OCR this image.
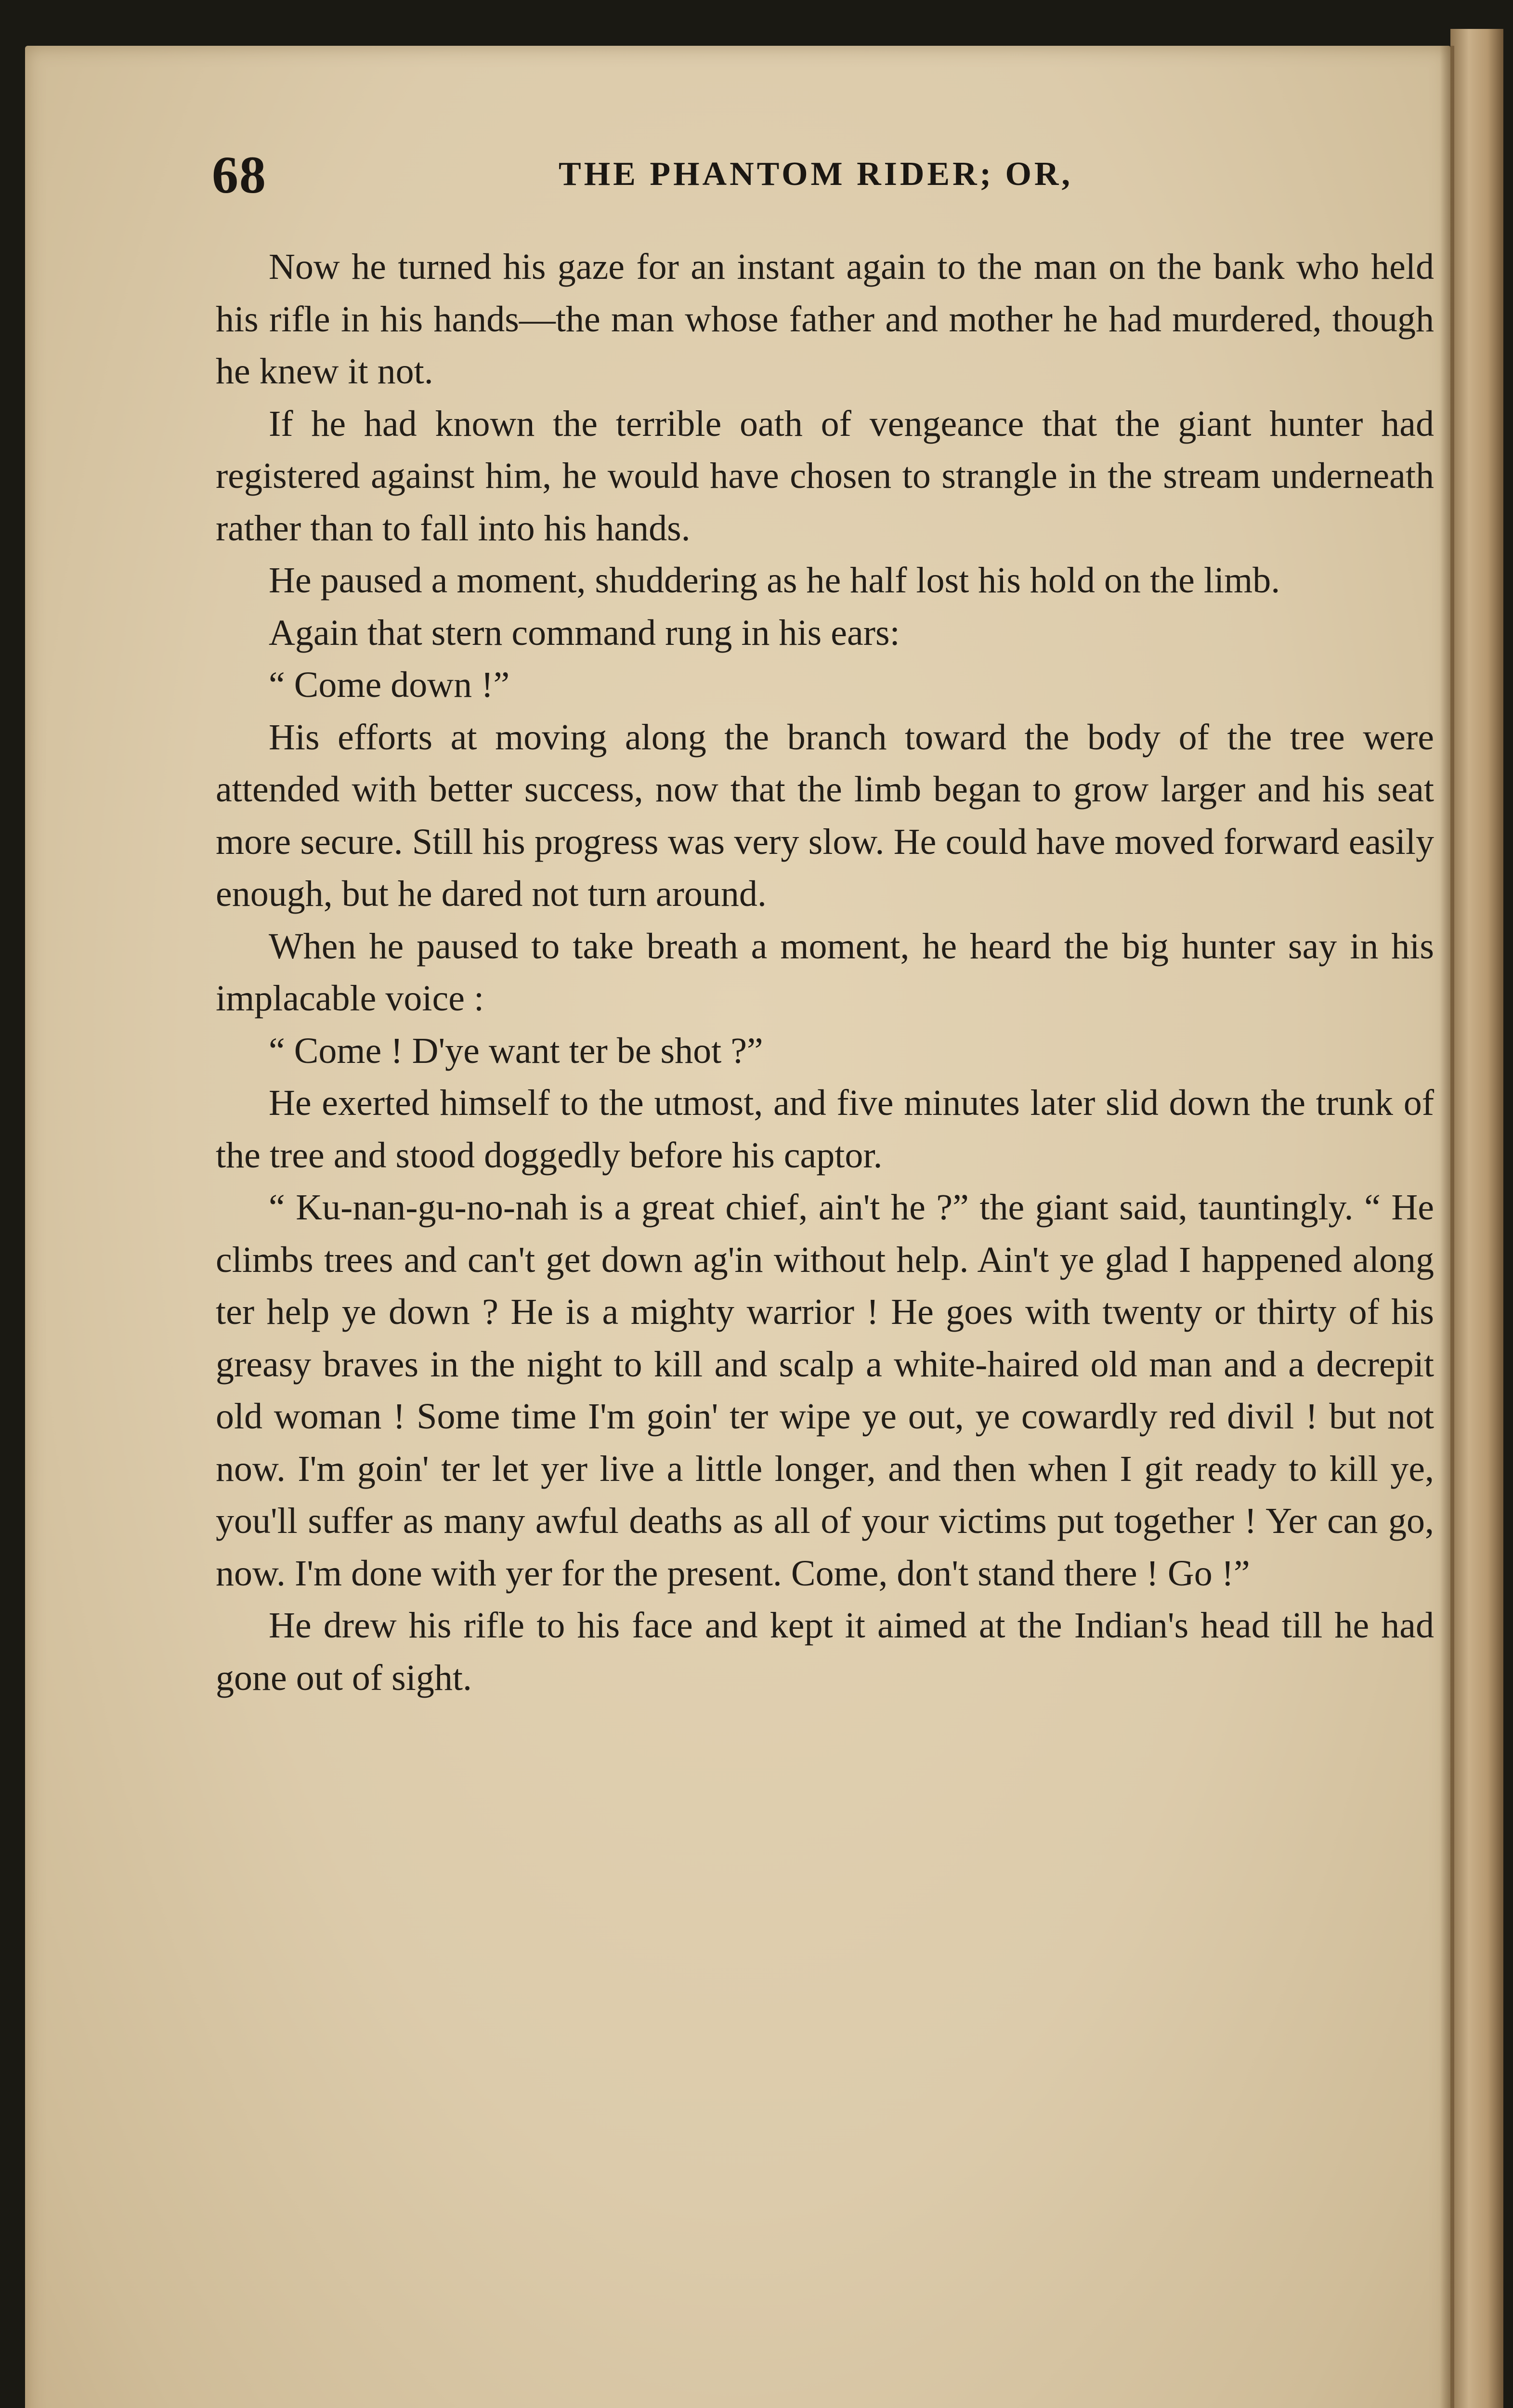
68	THE PHANTOM RIDER; OR,

Now he turned his gaze for an instant again to the man on the bank who held his rifle in his hands—the man whose father and mother he had murdered, though he knew it not.

If he had known the terrible oath of vengeance that the giant hunter had registered against him, he would have chosen to strangle in the stream underneath rather than to fall into his hands.

He paused a moment, shuddering as he half lost his hold on the limb.

Again that stern command rung in his ears:

“ Come down !”

His efforts at moving along the branch toward the body of the tree were attended with better success, now that the limb began to grow larger and his seat more secure. Still his progress was very slow. He could have moved forward easily enough, but he dared not turn around.

When he paused to take breath a moment, he heard the big hunter say in his implacable voice :

“ Come ! D'ye want ter be shot ?”

He exerted himself to the utmost, and five minutes later slid down the trunk of the tree and stood doggedly before his captor.

“ Ku-nan-gu-no-nah is a great chief, ain't he ?” the giant said, tauntingly. “ He climbs trees and can't get down ag'in without help. Ain't ye glad I happened along ter help ye down ? He is a mighty warrior ! He goes with twenty or thirty of his greasy braves in the night to kill and scalp a white-haired old man and a decrepit old woman ! Some time I'm goin' ter wipe ye out, ye cowardly red divil ! but not now. I'm goin' ter let yer live a little longer, and then when I git ready to kill ye, you'll suffer as many awful deaths as all of your victims put together ! Yer can go, now. I'm done with yer for the present. Come, don't stand there ! Go !”

He drew his rifle to his face and kept it aimed at the Indian's head till he had gone out of sight.
